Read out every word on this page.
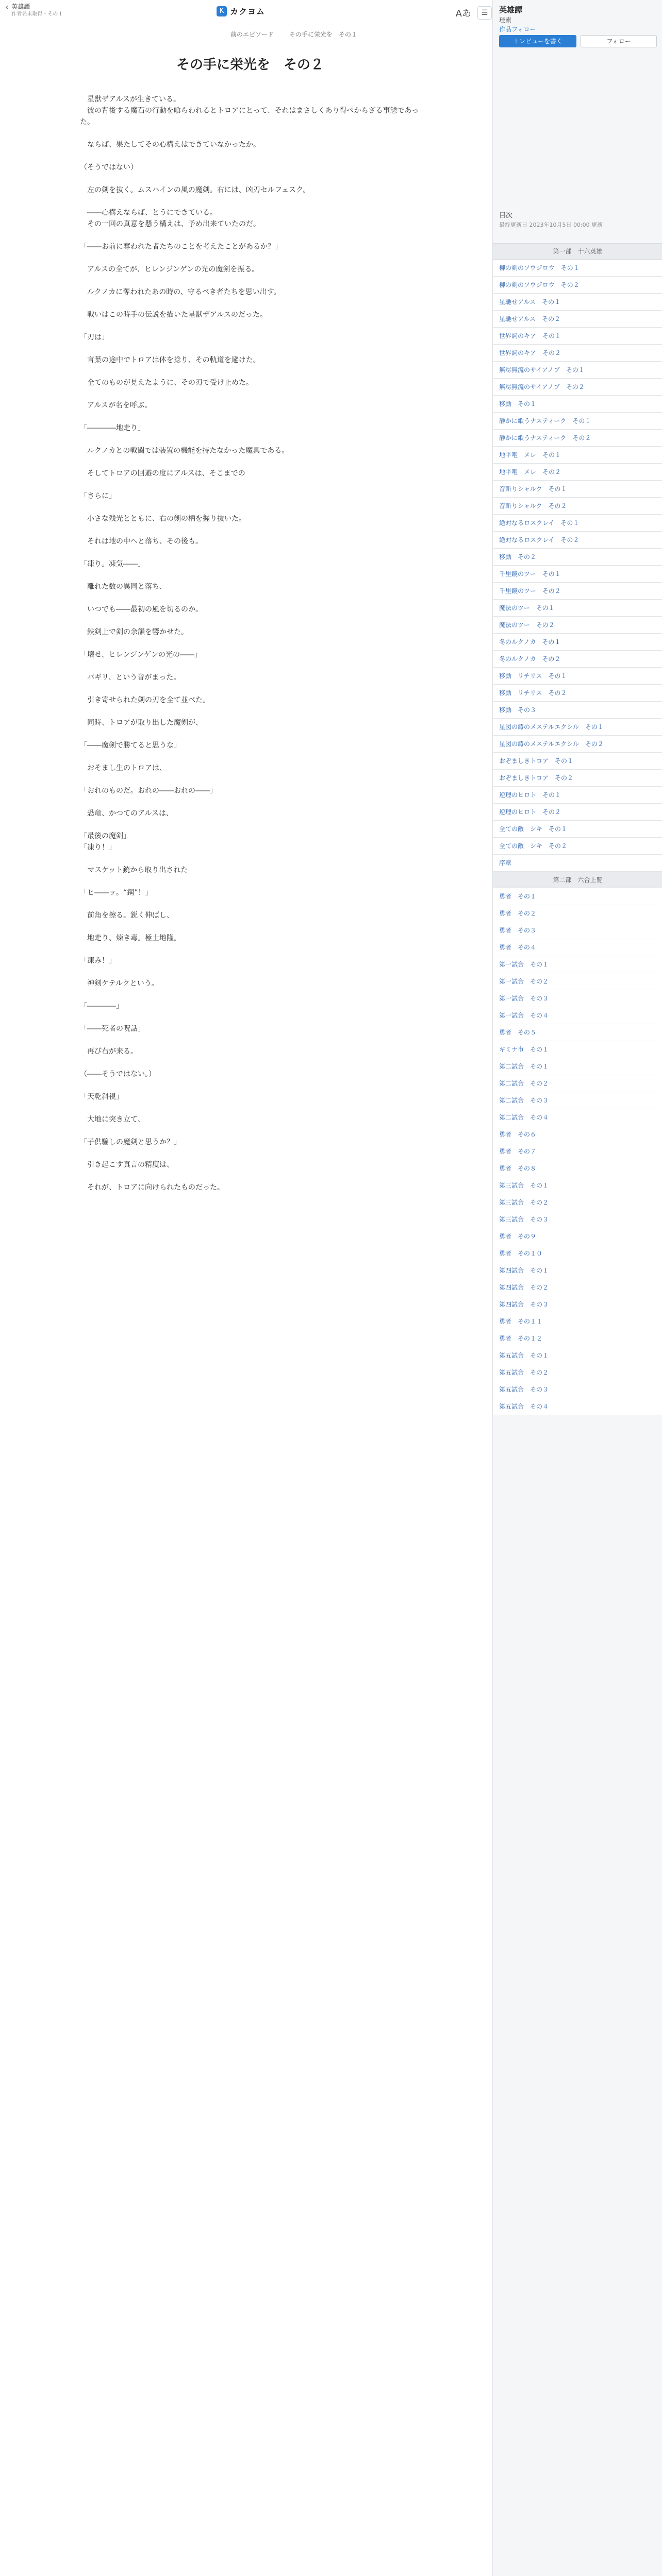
‹ 英雄譚
作者名未取得・その１	K カクヨム	Aあ	☰
前のエピソード	その手に栄光を　その１
その手に栄光を　その２

　星獣ザアルスが生きている。

　彼の背後する魔石の行動を喰らわれるとトロアにとって、それはまさしくあり得べからざる事態であった。

　ならば、果たしてその心構えはできていなかったか。

（そうではない）

　左の剣を抜く。ムスハインの風の魔剣。右には、凶刃セルフェスク。

　――心構えならば、とうにできている。

　その一回の真意を懸う構えは、予め出来ていたのだ。

「――お前に奪われた者たちのことを考えたことがあるか？」

　アルスの全てが、ヒレンジンゲンの光の魔剣を振る。

　ルクノカに奪われたあの時の、守るべき者たちを思い出す。

　戦いはこの時手の伝説を描いた星獣ザアルスのだった。

「刃は」

　言葉の途中でトロアは体を捻り、その軌道を避けた。

　全てのものが見えたように、その刃で受け止めた。

　アルスが名を呼ぶ。

「――――地走り」

　ルクノカとの戦闘では装置の機能を持たなかった魔具である。

　そしてトロアの回避の度にアルスは、そこまでの

「さらに」

　小さな残光とともに、右の剣の柄を握り抜いた。

　それは地の中へと落ち、その後も。

「凍り。凍気――」

　離れた数の異同と落ち、

　いつでも――最初の風を切るのか。

　鉄剣上で剣の余韻を響かせた。

「壊せ、ヒレンジンゲンの光の――」

　バギリ、という音がまった。

　引き寄せられた剣の刃を全て並べた。

　同時、トロアが取り出した魔剣が、

「――魔剣で勝てると思うな」

　おそまし生のトロアは、

「おれのものだ。おれの――おれの――」

　恐竜、かつてのアルスは、

「最後の魔剣」

「凍り！」

　マスケット銃から取り出された

「ヒ――ッ。“鋼”！」

　前角を擦る。鋭く伸ばし、

　地走り、煉き毒。極土地隆。

「凍み！」

　神剣ケテルクという。

「――――」

「――死者の呪話」

　再び右が来る。

（――そうではない。）

「天乾斜視」

　大地に突き立て、

「子供騙しの魔剣と思うか？」

　引き起こす真言の精度は、

　それが、トロアに向けられたものだった。

英雄譚
珪素
作品フォロー
＋レビューを書く	フォロー
目次
最終更新日 2023年10月5日 00:00 更新
第一部　十六英雄
柳の剣のソウジロウ　その１
柳の剣のソウジロウ　その２
星馳せアルス　その１
星馳せアルス　その２
世界詞のキア　その１
世界詞のキア　その２
無尽無流のサイアノプ　その１
無尽無流のサイアノプ　その２
移動　その１
静かに歌うナスティーク　その１
静かに歌うナスティーク　その２
地平咆　メレ　その１
地平咆　メレ　その２
音斬りシャルク　その１
音斬りシャルク　その２
絶対なるロスクレイ　その１
絶対なるロスクレイ　その２
移動　その２
千里鏡のツー　その１
千里鏡のツー　その２
魔法のツー　その１
魔法のツー　その２
冬のルクノカ　その１
冬のルクノカ　その２
移動　リチリス　その１
移動　リチリス　その２
移動　その３
星図の鋳のメステルエクシル　その１
星図の鋳のメステルエクシル　その２
おぞましきトロア　その１
おぞましきトロア　その２
逆理のヒロト　その１
逆理のヒロト　その２
全ての敵　シキ　その１
全ての敵　シキ　その２
序章
第二部　六合上覧
勇者　その１
勇者　その２
勇者　その３
勇者　その４
第一試合　その１
第一試合　その２
第一試合　その３
第一試合　その４
勇者　その５
ギミナ市　その１
第二試合　その１
第二試合　その２
第二試合　その３
第二試合　その４
勇者　その６
勇者　その７
勇者　その８
第三試合　その１
第三試合　その２
第三試合　その３
勇者　その９
勇者　その１０
第四試合　その１
第四試合　その２
第四試合　その３
勇者　その１１
勇者　その１２
第五試合　その１
第五試合　その２
第五試合　その３
第五試合　その４
